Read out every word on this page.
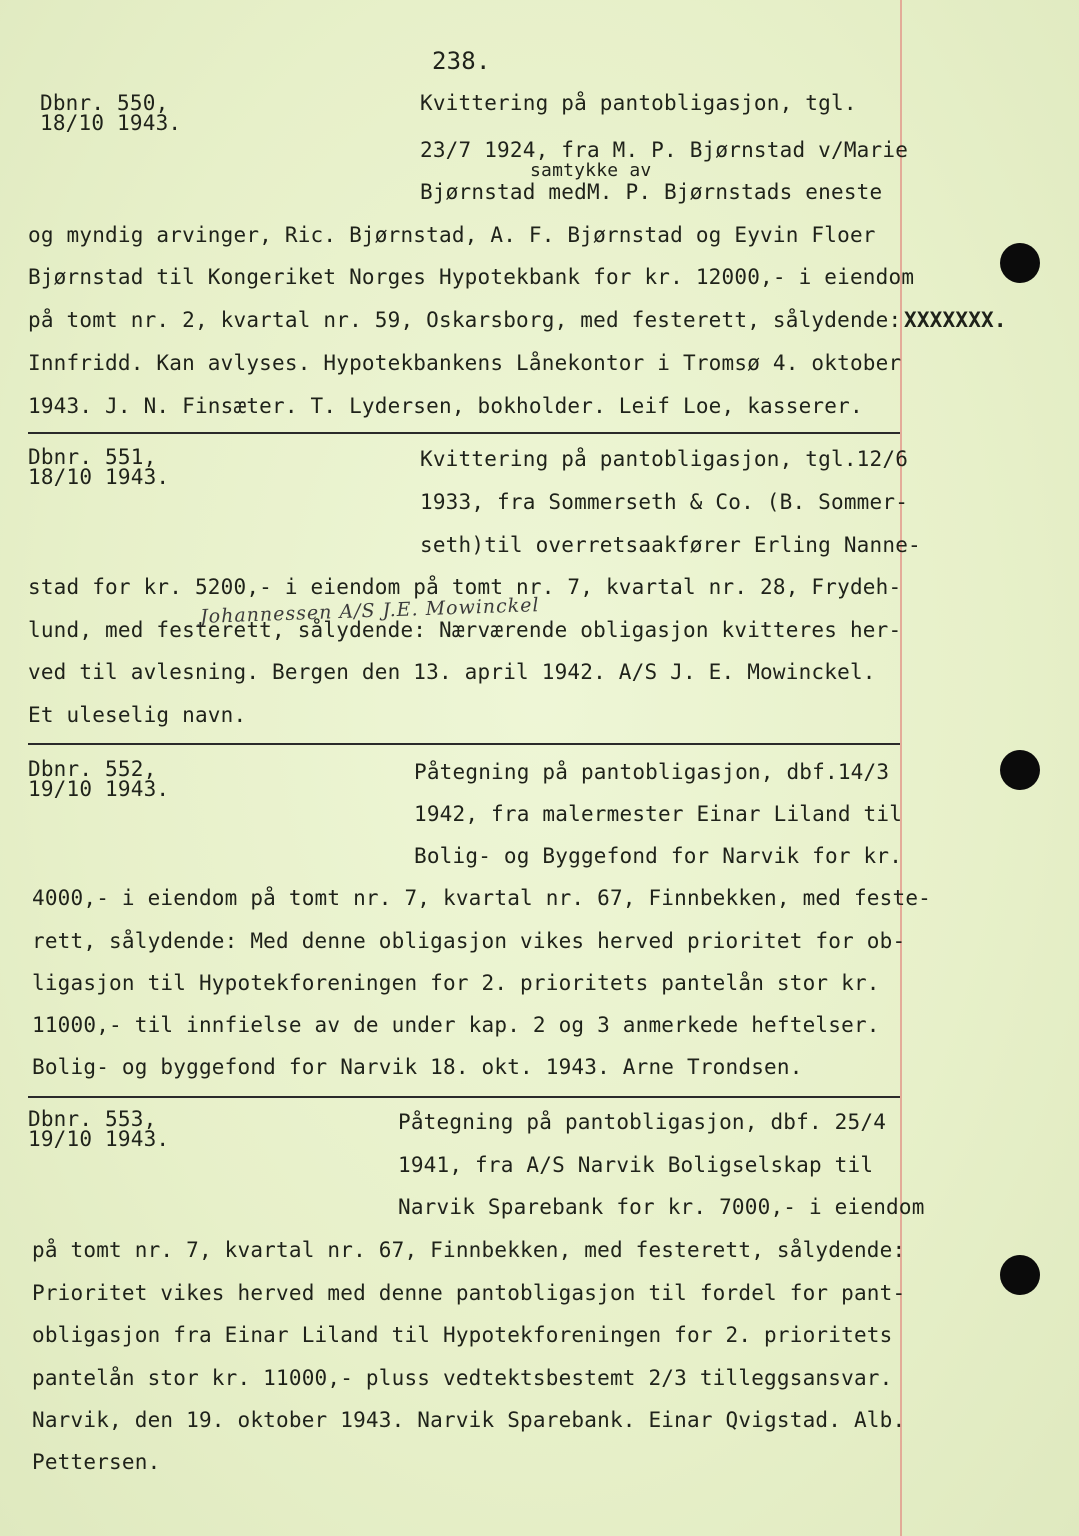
238.
Dbnr. 550,
18/10 1943.
Kvittering på pantobligasjon, tgl.
23/7 1924, fra M. P. Bjørnstad v/Marie
samtykke av
Bjørnstad medM. P. Bjørnstads eneste
og myndig arvinger, Ric. Bjørnstad, A. F. Bjørnstad og Eyvin Floer
Bjørnstad til Kongeriket Norges Hypotekbank for kr. 12000,- i eiendom
på tomt nr. 2, kvartal nr. 59, Oskarsborg, med festerett, sålydende: XXXXXXX.
Innfridd. Kan avlyses. Hypotekbankens Lånekontor i Tromsø 4. oktober
1943. J. N. Finsæter. T. Lydersen, bokholder. Leif Loe, kasserer.
Dbnr. 551,
18/10 1943.
Kvittering på pantobligasjon, tgl.12/6
1933, fra Sommerseth & Co. (B. Sommer-
seth)til overretsaakfører Erling Nanne-
stad for kr. 5200,- i eiendom på tomt nr. 7, kvartal nr. 28, Frydeh-
Johannessen A/S J.E. Mowinckel
lund, med festerett, sålydende: Nærværende obligasjon kvitteres her-
ved til avlesning. Bergen den 13. april 1942. A/S J. E. Mowinckel.
Et uleselig navn.
Dbnr. 552,
19/10 1943.
Påtegning på pantobligasjon, dbf.14/3
1942, fra malermester Einar Liland til
Bolig- og Byggefond for Narvik for kr.
4000,- i eiendom på tomt nr. 7, kvartal nr. 67, Finnbekken, med feste-
rett, sålydende: Med denne obligasjon vikes herved prioritet for ob-
ligasjon til Hypotekforeningen for 2. prioritets pantelån stor kr.
11000,- til innfielse av de under kap. 2 og 3 anmerkede heftelser.
Bolig- og byggefond for Narvik 18. okt. 1943. Arne Trondsen.
Dbnr. 553,
19/10 1943.
Påtegning på pantobligasjon, dbf. 25/4
1941, fra A/S Narvik Boligselskap til
Narvik Sparebank for kr. 7000,- i eiendom
på tomt nr. 7, kvartal nr. 67, Finnbekken, med festerett, sålydende:
Prioritet vikes herved med denne pantobligasjon til fordel for pant-
obligasjon fra Einar Liland til Hypotekforeningen for 2. prioritets
pantelån stor kr. 11000,- pluss vedtektsbestemt 2/3 tilleggsansvar.
Narvik, den 19. oktober 1943. Narvik Sparebank. Einar Qvigstad. Alb.
Pettersen.
